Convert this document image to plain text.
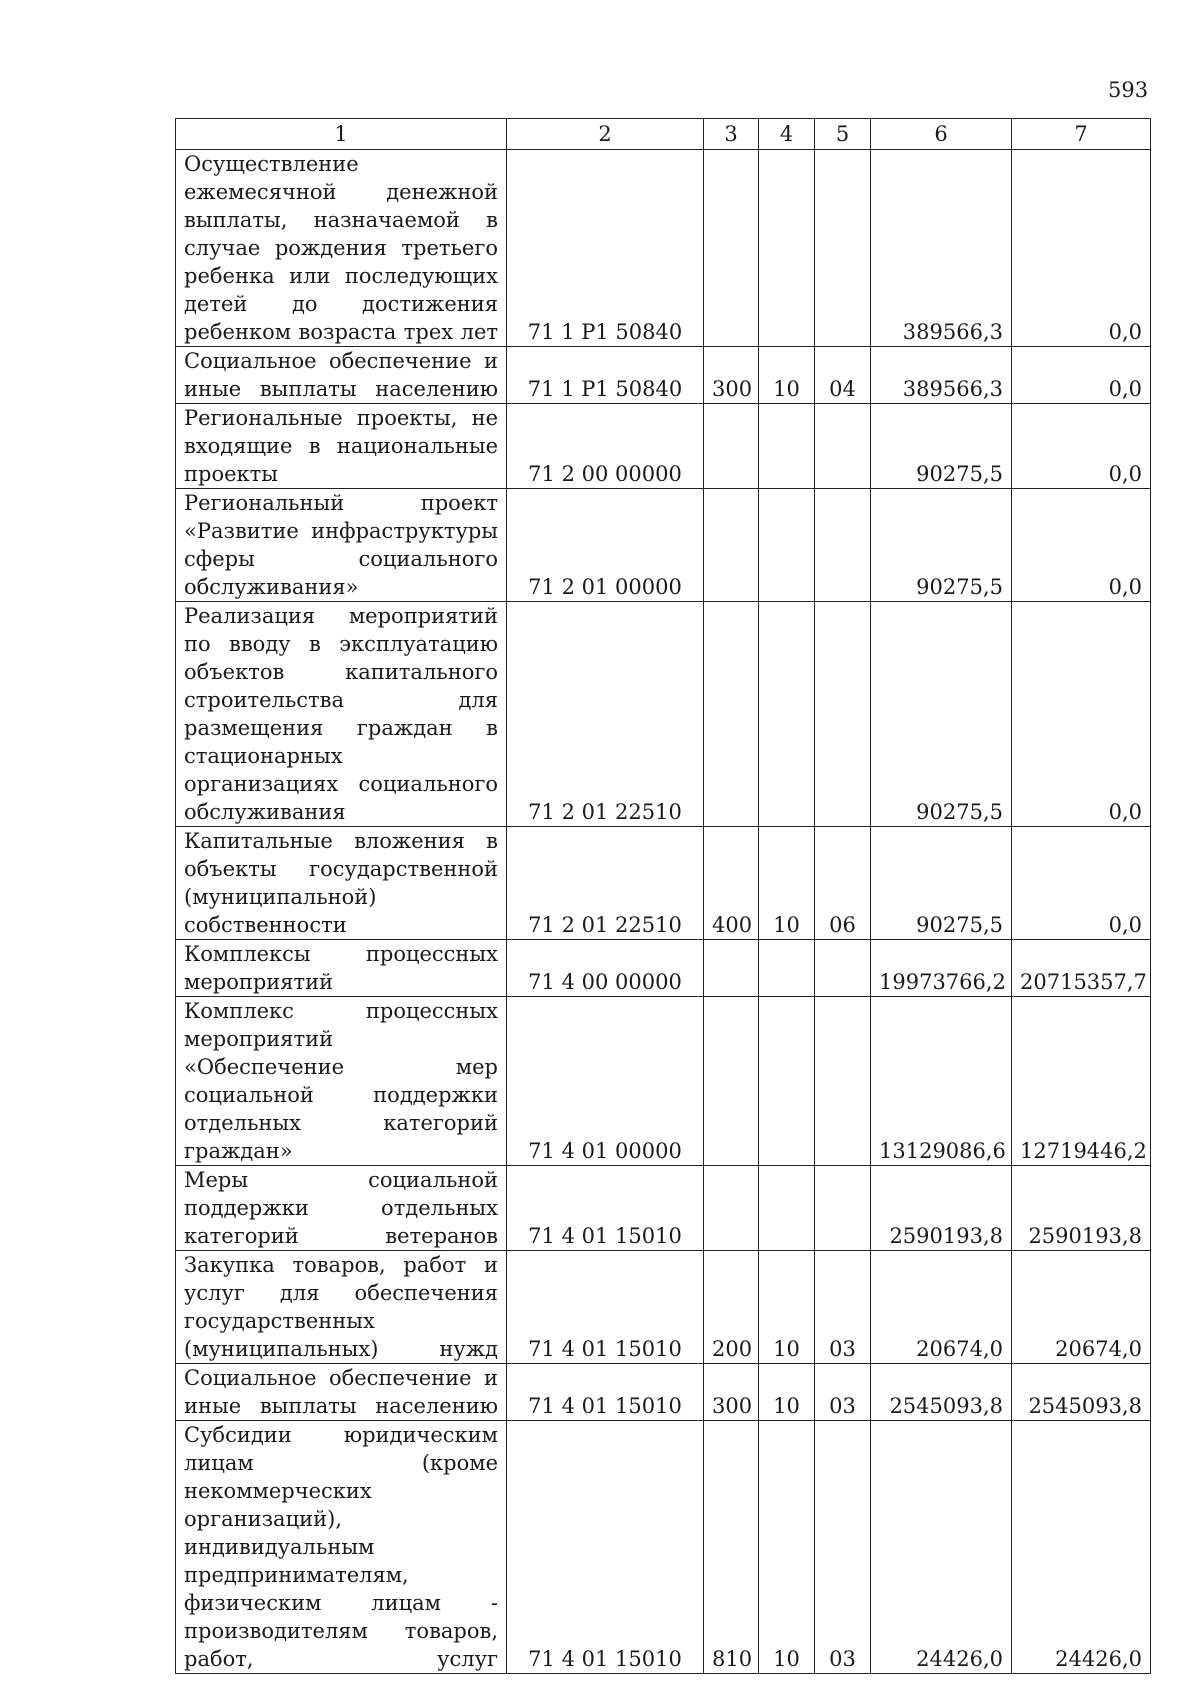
593
1	2	3	4	5	6	7
Осуществление ежемесячной денежной выплаты, назначаемой в случае рождения третьего ребенка или последующих детей до достижения ребенком возраста трех лет	71 1 P1 50840				389566,3	0,0
Социальное обеспечение и иные выплаты населению	71 1 P1 50840	300	10	04	389566,3	0,0
Региональные проекты, не входящие в национальные проекты	71 2 00 00000				90275,5	0,0
Региональный проект «Развитие инфраструктуры сферы социального обслуживания»	71 2 01 00000				90275,5	0,0
Реализация мероприятий по вводу в эксплуатацию объектов капитального строительства для размещения граждан в стационарных организациях социального обслуживания	71 2 01 22510				90275,5	0,0
Капитальные вложения в объекты государственной (муниципальной) собственности	71 2 01 22510	400	10	06	90275,5	0,0
Комплексы процессных мероприятий	71 4 00 00000				19973766,2	20715357,7
Комплекс процессных мероприятий «Обеспечение мер социальной поддержки отдельных категорий граждан»	71 4 01 00000				13129086,6	12719446,2
Меры социальной поддержки отдельных категорий ветеранов	71 4 01 15010				2590193,8	2590193,8
Закупка товаров, работ и услуг для обеспечения государственных (муниципальных) нужд	71 4 01 15010	200	10	03	20674,0	20674,0
Социальное обеспечение и иные выплаты населению	71 4 01 15010	300	10	03	2545093,8	2545093,8
Субсидии юридическим лицам (кроме некоммерческих организаций), индивидуальным предпринимателям, физическим лицам - производителям товаров, работ, услуг	71 4 01 15010	810	10	03	24426,0	24426,0
